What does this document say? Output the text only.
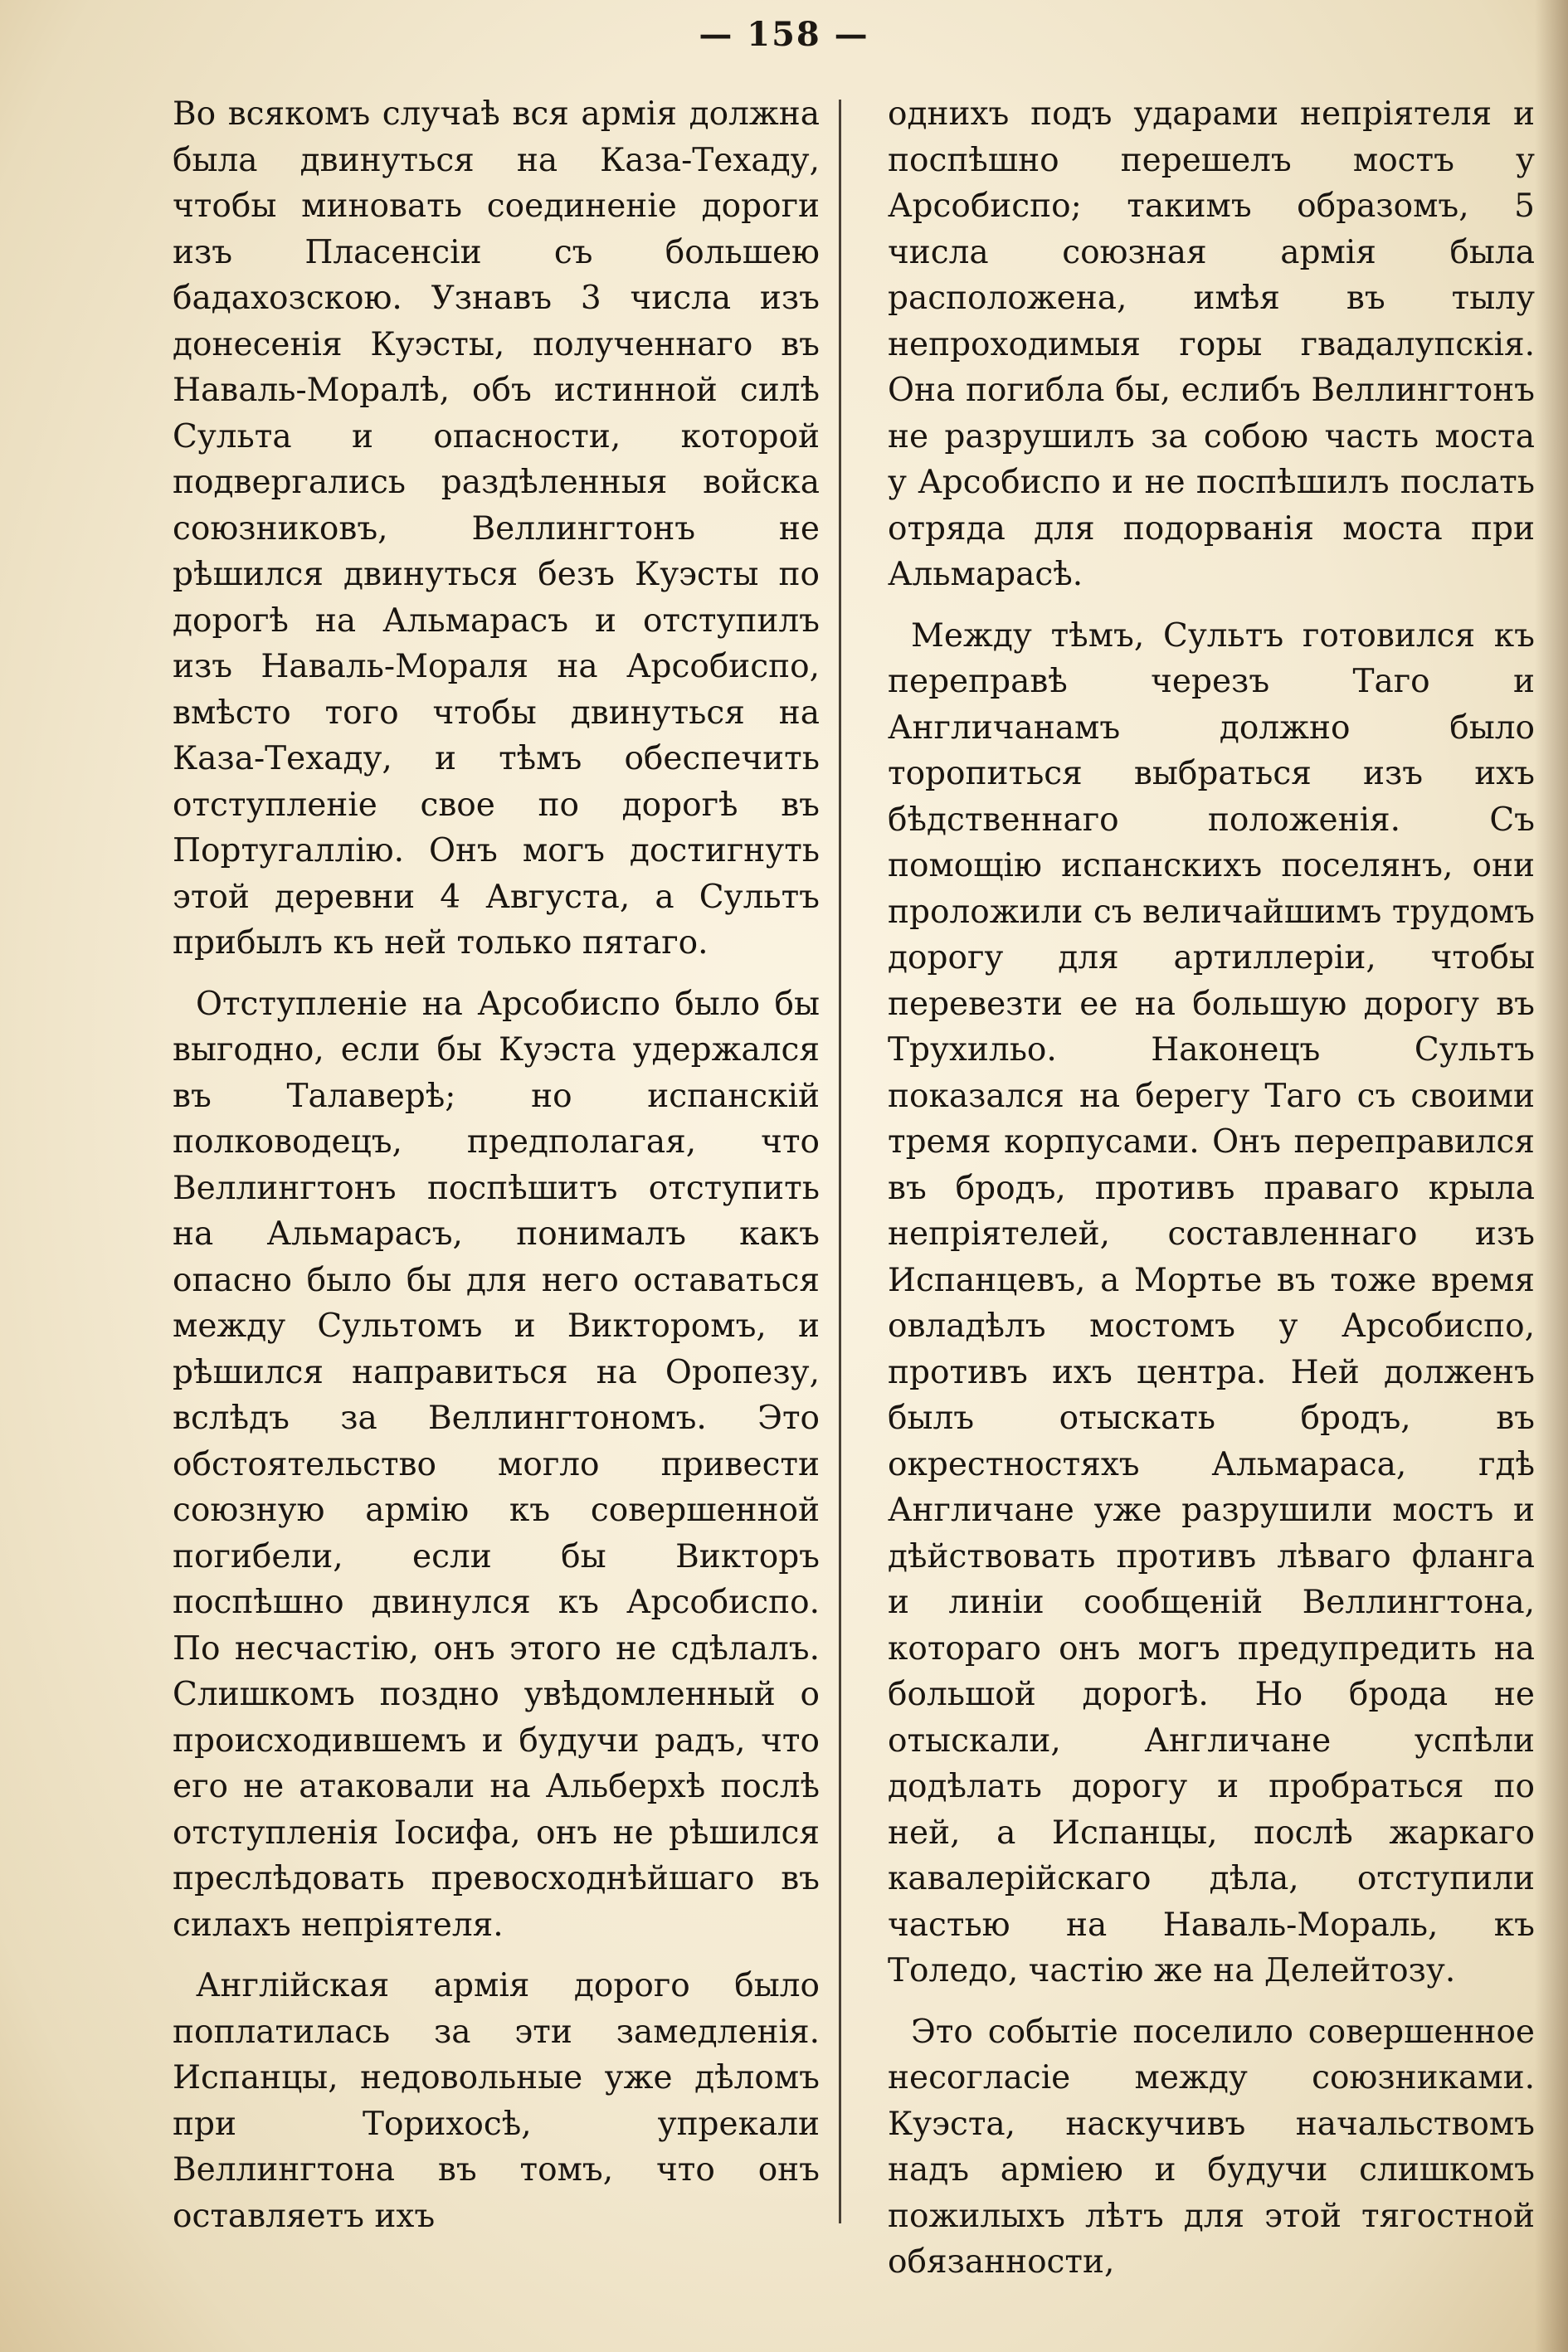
— 158 —

Во всякомъ случаѣ вся армія должна была двинуться на Каза-Техаду, чтобы миновать соединеніе дороги изъ Пласенсіи съ большею бадахозскою. Узнавъ 3 числа изъ донесенія Куэсты, полученнаго въ Наваль-Моралѣ, объ истинной силѣ Сульта и опасности, которой подвергались раздѣленныя войска союзниковъ, Веллингтонъ не рѣшился двинуться безъ Куэсты по дорогѣ на Альмарасъ и отступилъ изъ Наваль-Мораля на Арсобиспо, вмѣсто того чтобы двинуться на Каза-Техаду, и тѣмъ обеспечить отступленіе свое по дорогѣ въ Португаллію. Онъ могъ достигнуть этой деревни 4 Августа, а Сультъ прибылъ къ ней только пятаго.

Отступленіе на Арсобиспо было бы выгодно, если бы Куэста удержался въ Талаверѣ; но испанскій полководецъ, предполагая, что Веллингтонъ поспѣшитъ отступить на Альмарасъ, понималъ какъ опасно было бы для него оставаться между Сультомъ и Викторомъ, и рѣшился направиться на Оропезу, вслѣдъ за Веллингтономъ. Это обстоятельство могло привести союзную армію къ совершенной погибели, если бы Викторъ поспѣшно двинулся къ Арсобиспо. По несчастію, онъ этого не сдѣлалъ. Слишкомъ поздно увѣдомленный о происходившемъ и будучи радъ, что его не атаковали на Альберхѣ послѣ отступленія Іосифа, онъ не рѣшился преслѣдовать превосходнѣйшаго въ силахъ непріятеля.

Англійская армія дорого было поплатилась за эти замедленія. Испанцы, недовольные уже дѣломъ при Торихосѣ, упрекали Веллингтона въ томъ, что онъ оставляетъ ихъ

однихъ подъ ударами непріятеля и поспѣшно перешелъ мостъ у Арсобиспо; такимъ образомъ, 5 числа союзная армія была расположена, имѣя въ тылу непроходимыя горы гвадалупскія. Она погибла бы, еслибъ Веллингтонъ не разрушилъ за собою часть моста у Арсобиспо и не поспѣшилъ послать отряда для подорванія моста при Альмарасѣ.

Между тѣмъ, Сультъ готовился къ переправѣ черезъ Таго и Англичанамъ должно было торопиться выбраться изъ ихъ бѣдственнаго положенія. Съ помощію испанскихъ поселянъ, они проложили съ величайшимъ трудомъ дорогу для артиллеріи, чтобы перевезти ее на большую дорогу въ Трухильо. Наконецъ Сультъ показался на берегу Таго съ своими тремя корпусами. Онъ переправился въ бродъ, противъ праваго крыла непріятелей, составленнаго изъ Испанцевъ, а Мортье въ тоже время овладѣлъ мостомъ у Арсобиспо, противъ ихъ центра. Ней долженъ былъ отыскать бродъ, въ окрестностяхъ Альмараса, гдѣ Англичане уже разрушили мостъ и дѣйствовать противъ лѣваго фланга и линіи сообщеній Веллингтона, котораго онъ могъ предупредить на большой дорогѣ. Но брода не отыскали, Англичане успѣли додѣлать дорогу и пробраться по ней, а Испанцы, послѣ жаркаго кавалерійскаго дѣла, отступили частью на Наваль-Мораль, къ Толедо, частію же на Делейтозу.

Это событіе поселило совершенное несогласіе между союзниками. Куэста, наскучивъ начальствомъ надъ арміею и будучи слишкомъ пожилыхъ лѣтъ для этой тягостной обязанности,
